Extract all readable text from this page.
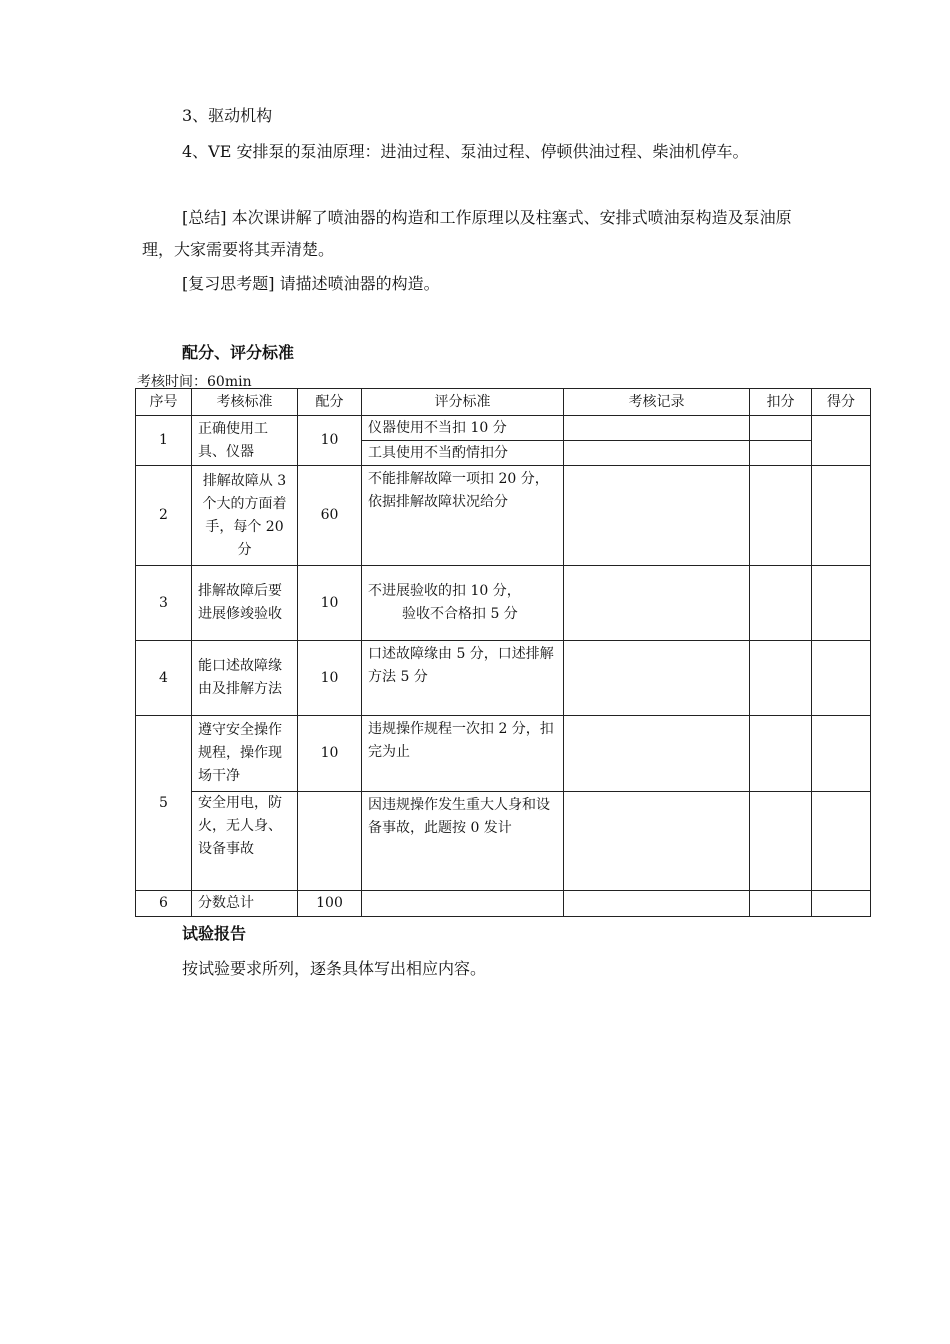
3、驱动机构

4、VE 安排泵的泵油原理：进油过程、泵油过程、停顿供油过程、柴油机停车。

[总结] 本次课讲解了喷油器的构造和工作原理以及柱塞式、安排式喷油泵构造及泵油原理，大家需要将其弄清楚。

[复习思考题] 请描述喷油器的构造。

配分、评分标准

考核时间：60min

序号	考核标准	配分	评分标准	考核记录	扣分	得分
1	正确使用工具、仪器	10	仪器使用不当扣 10 分			
			工具使用不当酌情扣分			
2	排解故障从 3 个大的方面着手，每个 20 分	60	不能排解故障一项扣 20 分，依据排解故障状况给分			
3	排解故障后要进展修竣验收	10	不进展验收的扣 10 分，
验收不合格扣 5 分			

4	能口述故障缘由及排解方法	10	口述故障缘由 5 分，口述排解方法 5 分			
5	遵守安全操作规程，操作现场干净	10	违规操作规程一次扣 2 分，扣完为止			
	安全用电，防火，无人身、设备事故		因违规操作发生重大人身和设备事故，此题按 0 发计			
6	分数总计	100				

试验报告

按试验要求所列，逐条具体写出相应内容。
